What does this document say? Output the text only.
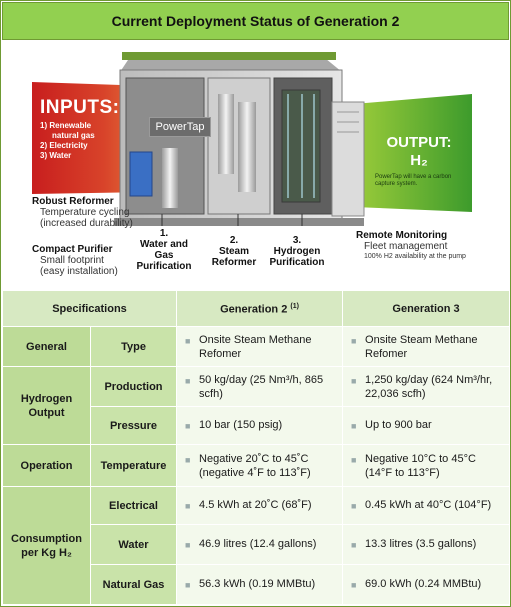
Current Deployment Status of Generation 2
INPUTS:
1) Renewable
natural gas
2) Electricity
3) Water
PowerTap
OUTPUT:
H₂
PowerTap will have a carbon capture system.
Robust Reformer
Temperature cycling
(increased durability)
Compact Purifier
Small footprint
(easy installation)
1.
Water and
Gas
Purification
2.
Steam
Reformer
3.
Hydrogen
Purification
Remote Monitoring
Fleet management
100% H2 availability at the pump
Specifications		Generation 2 $^{(1)}$	Generation 3
General	Type	■ Onsite Steam Methane Refomer	■ Onsite Steam Methane Refomer

Hydrogen Output	Production	■ 50 kg/day (25 Nm³/h, 865 scfh)	■ 1,250 kg/day (624 Nm³/hr, 22,036 scfh)

	Pressure	■ 10 bar (150 psig)	■ Up to 900 bar

Operation	Temperature	■ Negative 20˚C to 45˚C (negative 4˚F to 113˚F)	■ Negative 10°C to 45°C (14°F to 113°F)

Consumption per Kg H₂	Electrical	■ 4.5 kWh at 20˚C (68˚F)	■ 0.45 kWh at 40°C (104°F)

	Water	■ 46.9 litres (12.4 gallons)	■ 13.3 litres (3.5 gallons)

	Natural Gas	■ 56.3 kWh (0.19 MMBtu)	■ 69.0 kWh (0.24 MMBtu)
